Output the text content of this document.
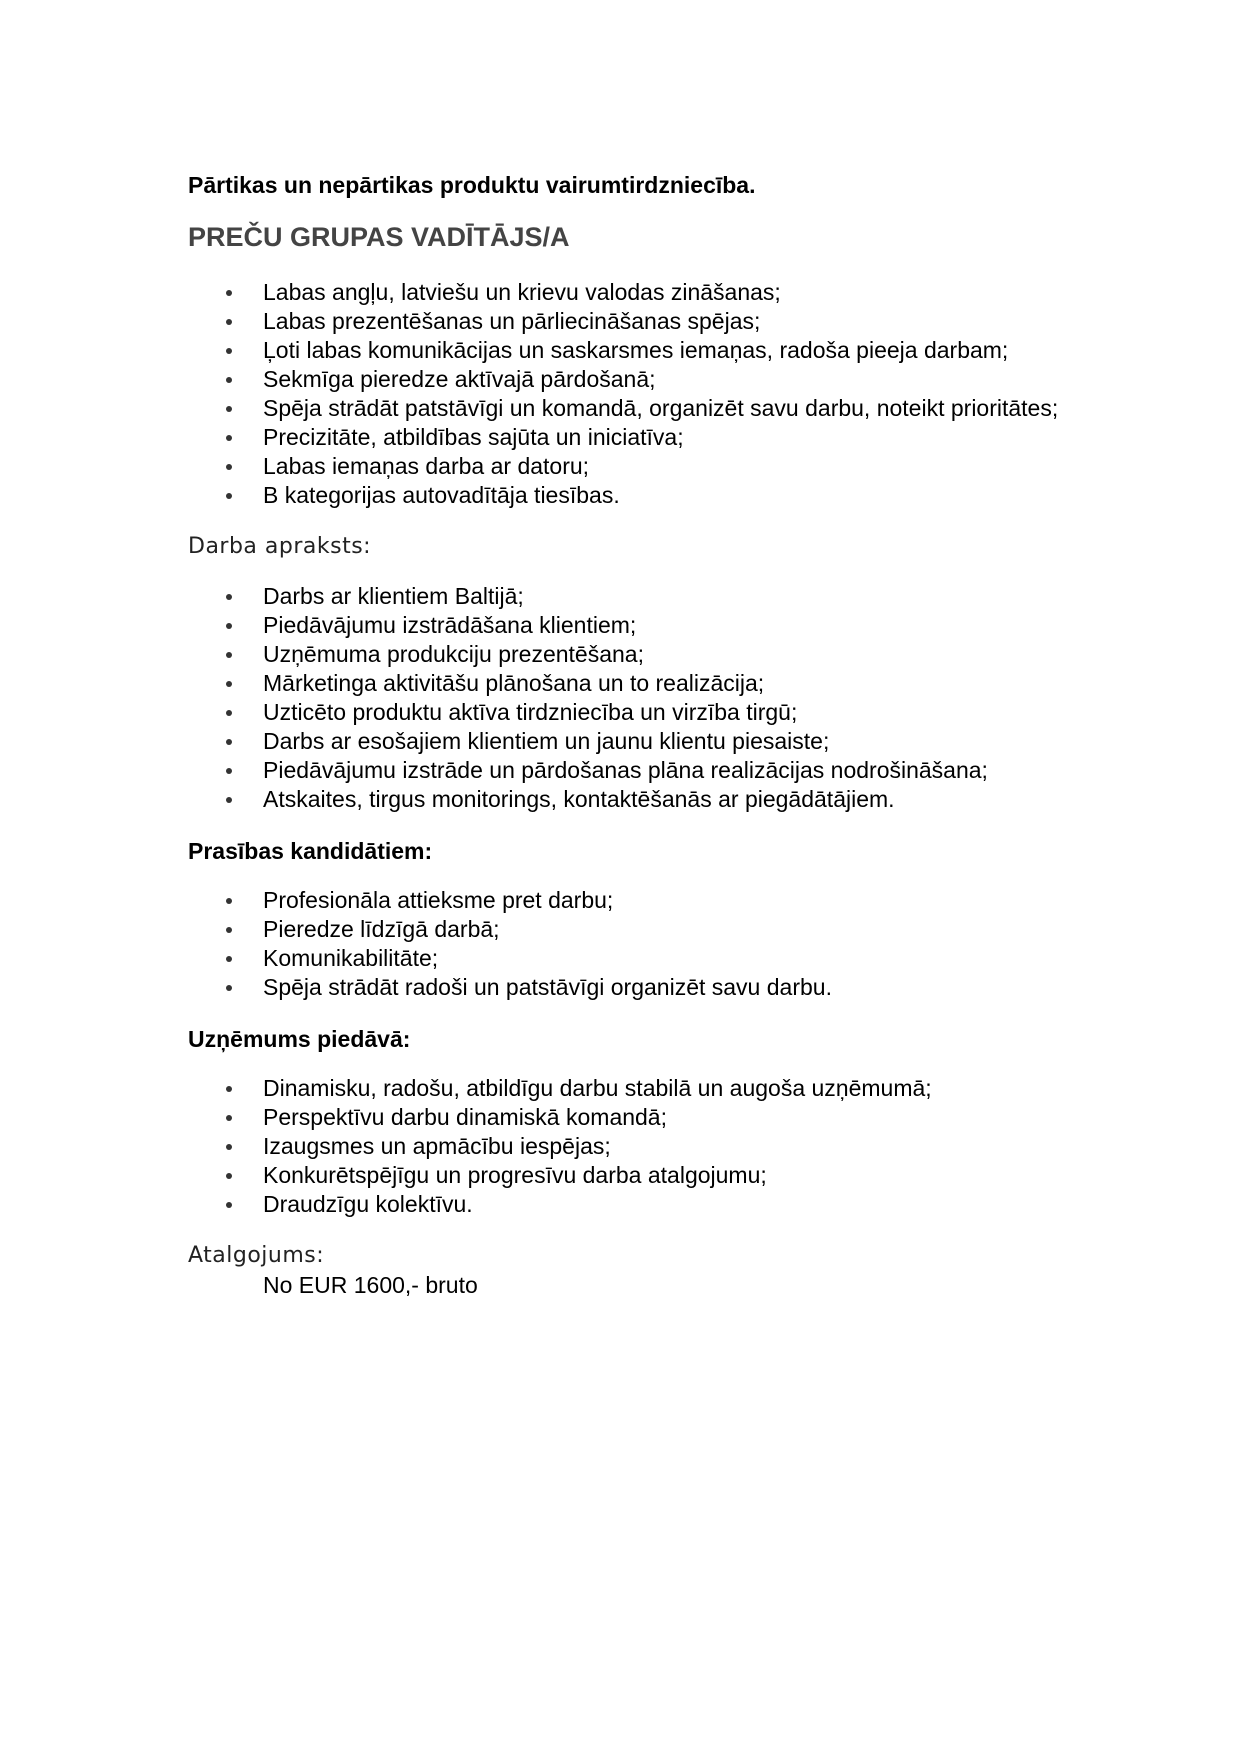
Pārtikas un nepārtikas produktu vairumtirdzniecība.
PREČU GRUPAS VADĪTĀJS/A
Labas angļu, latviešu un krievu valodas zināšanas;
Labas prezentēšanas un pārliecināšanas spējas;
Ļoti labas komunikācijas un saskarsmes iemaņas, radoša pieeja darbam;
Sekmīga pieredze aktīvajā pārdošanā;
Spēja strādāt patstāvīgi un komandā, organizēt savu darbu, noteikt prioritātes;
Precizitāte, atbildības sajūta un iniciatīva;
Labas iemaņas darba ar datoru;
B kategorijas autovadītāja tiesības.
Darba apraksts:
Darbs ar klientiem Baltijā;
Piedāvājumu izstrādāšana klientiem;
Uzņēmuma produkciju prezentēšana;
Mārketinga aktivitāšu plānošana un to realizācija;
Uzticēto produktu aktīva tirdzniecība un virzība tirgū;
Darbs ar esošajiem klientiem un jaunu klientu piesaiste;
Piedāvājumu izstrāde un pārdošanas plāna realizācijas nodrošināšana;
Atskaites, tirgus monitorings, kontaktēšanās ar piegādātājiem.
Prasības kandidātiem:
Profesionāla attieksme pret darbu;
Pieredze līdzīgā darbā;
Komunikabilitāte;
Spēja strādāt radoši un patstāvīgi organizēt savu darbu.
Uzņēmums piedāvā:
Dinamisku, radošu, atbildīgu darbu stabilā un augoša uzņēmumā;
Perspektīvu darbu dinamiskā komandā;
Izaugsmes un apmācību iespējas;
Konkurētspējīgu un progresīvu darba atalgojumu;
Draudzīgu kolektīvu.
Atalgojums:
No EUR 1600,- bruto
